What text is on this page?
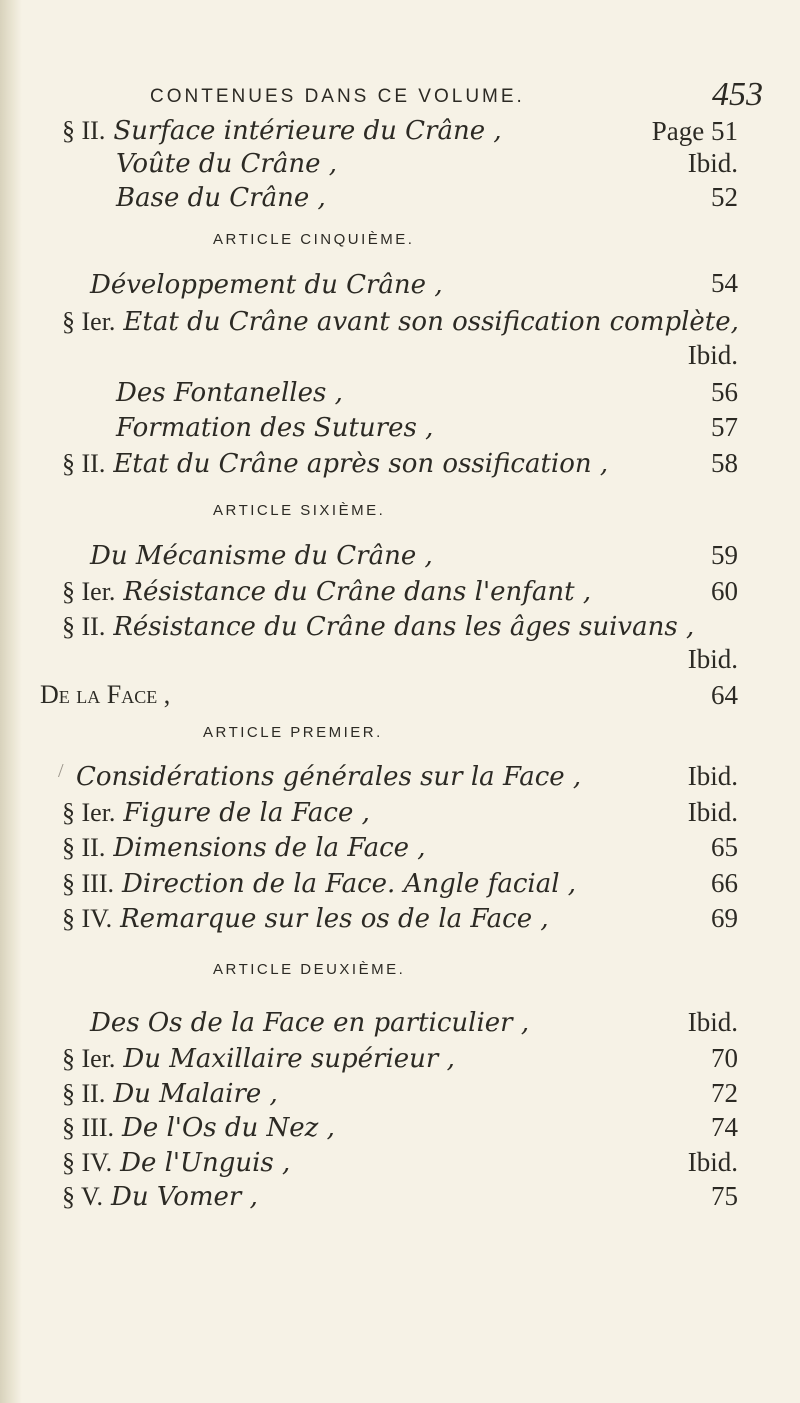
CONTENUES DANS CE VOLUME.	453
§ II. Surface intérieure du Crâne ,	Page 51
Voûte du Crâne ,	Ibid.
Base du Crâne ,	52
ARTICLE CINQUIÈME.
Développement du Crâne ,	54
§ Ier. Etat du Crâne avant son ossification complète,
Ibid.
Des Fontanelles ,	56
Formation des Sutures ,	57
§ II. Etat du Crâne après son ossification ,	58
ARTICLE SIXIÈME.
Du Mécanisme du Crâne ,	59
§ Ier. Résistance du Crâne dans l'enfant ,	60
§ II. Résistance du Crâne dans les âges suivans ,
Ibid.
De la Face ,	64
ARTICLE PREMIER.
/ Considérations générales sur la Face ,	Ibid.
§ Ier. Figure de la Face ,	Ibid.
§ II. Dimensions de la Face ,	65
§ III. Direction de la Face. Angle facial ,	66
§ IV. Remarque sur les os de la Face ,	69
ARTICLE DEUXIÈME.
Des Os de la Face en particulier ,	Ibid.
§ Ier. Du Maxillaire supérieur ,	70
§ II. Du Malaire ,	72
§ III. De l'Os du Nez ,	74
§ IV. De l'Unguis ,	Ibid.
§ V. Du Vomer ,	75
